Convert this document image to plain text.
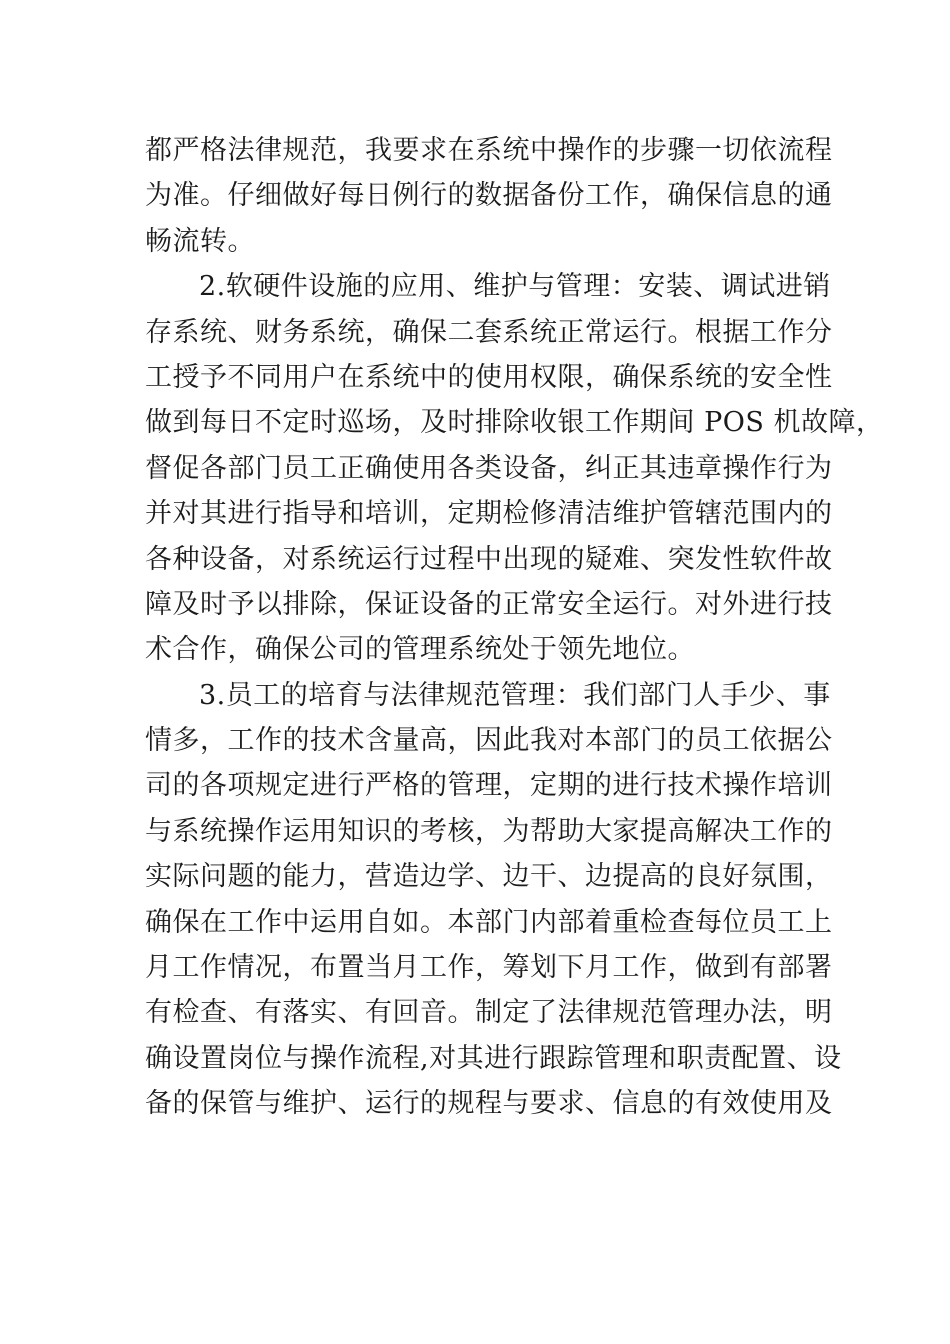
都严格法律规范，我要求在系统中操作的步骤一切依流程
为准。仔细做好每日例行的数据备份工作，确保信息的通
畅流转。
2.软硬件设施的应用、维护与管理：安装、调试进销
存系统、财务系统，确保二套系统正常运行。根据工作分
工授予不同用户在系统中的使用权限，确保系统的安全性
做到每日不定时巡场，及时排除收银工作期间 POS 机故障，
督促各部门员工正确使用各类设备，纠正其违章操作行为
并对其进行指导和培训，定期检修清洁维护管辖范围内的
各种设备，对系统运行过程中出现的疑难、突发性软件故
障及时予以排除，保证设备的正常安全运行。对外进行技
术合作，确保公司的管理系统处于领先地位。
3.员工的培育与法律规范管理：我们部门人手少、事
情多，工作的技术含量高，因此我对本部门的员工依据公
司的各项规定进行严格的管理，定期的进行技术操作培训
与系统操作运用知识的考核，为帮助大家提高解决工作的
实际问题的能力，营造边学、边干、边提高的良好氛围，
确保在工作中运用自如。本部门内部着重检查每位员工上
月工作情况，布置当月工作，筹划下月工作，做到有部署
有检查、有落实、有回音。制定了法律规范管理办法，明
确设置岗位与操作流程,对其进行跟踪管理和职责配置、设
备的保管与维护、运行的规程与要求、信息的有效使用及
